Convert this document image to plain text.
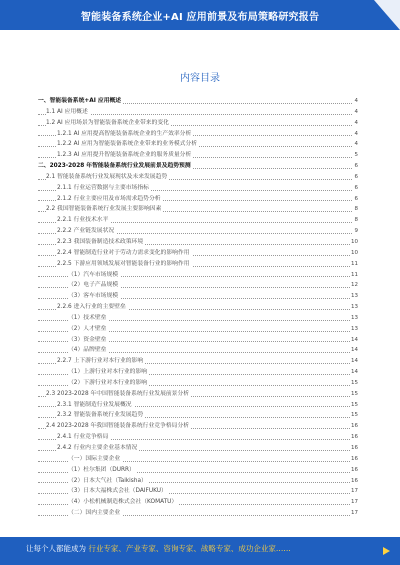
智能装备系统企业+AI 应用前景及布局策略研究报告
内容目录
一、智能装备系统+AI 应用概述	4
1.1 AI 应用概述	4
1.2 AI 应用场景为智能装备系统企业带来的变化	4
1.2.1 AI 应用提高智能装备系统企业的生产效率分析	4
1.2.2 AI 应用为智能装备系统企业带来的业务模式分析	4
1.2.3 AI 应用提升智能装备系统企业的服务质量分析	5
二、2023-2028 年智能装备系统行业发展前景及趋势预测	6
2.1 智能装备系统行业发展现状及未来发展趋势	6
2.1.1 行业运营数据与主要市场指标	6
2.1.2 行业主要应用及市场需求趋势分析	6
2.2 我国智能装备系统行业发展主要影响因素	8
2.2.1 行业技术水平	8
2.2.2 产业链发展状况	9
2.2.3 我国装备制造技术政策环境	10
2.2.4 智能制造行业对于劳动力需求变化的影响作用	10
2.2.5 下游应用领域发展对智能装备行业的影响作用	11
（1）汽车市场规模	11
（2）电子产品规模	12
（3）客车市场规模	13
2.2.6 进入行业的主要壁垒	13
（1）技术壁垒	13
（2）人才壁垒	13
（3）资金壁垒	14
（4）品牌壁垒	14
2.2.7 上下游行业对本行业的影响	14
（1）上游行业对本行业的影响	14
（2）下游行业对本行业的影响	15
2.3 2023-2028 年中国智能装备系统行业发展前景分析	15
2.3.1 智能制造行业发展概况	15
2.3.2 智能装备系统行业发展趋势	15
2.4 2023-2028 年我国智能装备系统行业竞争格局分析	16
2.4.1 行业竞争格局	16
2.4.2 行业内主要企业基本情况	16
（一）国际主要企业	16
（1）杜尔集团（DURR）	16
（2）日本大气社（Taikisha）	16
（3）日本大福株式会社（DAIFUKU）	17
（4）小松机械制造株式会社（KOMATU）	17
（二）国内主要企业	17
让每个人都能成为 行业专家、产业专家、咨询专家、战略专家、成功企业家……
